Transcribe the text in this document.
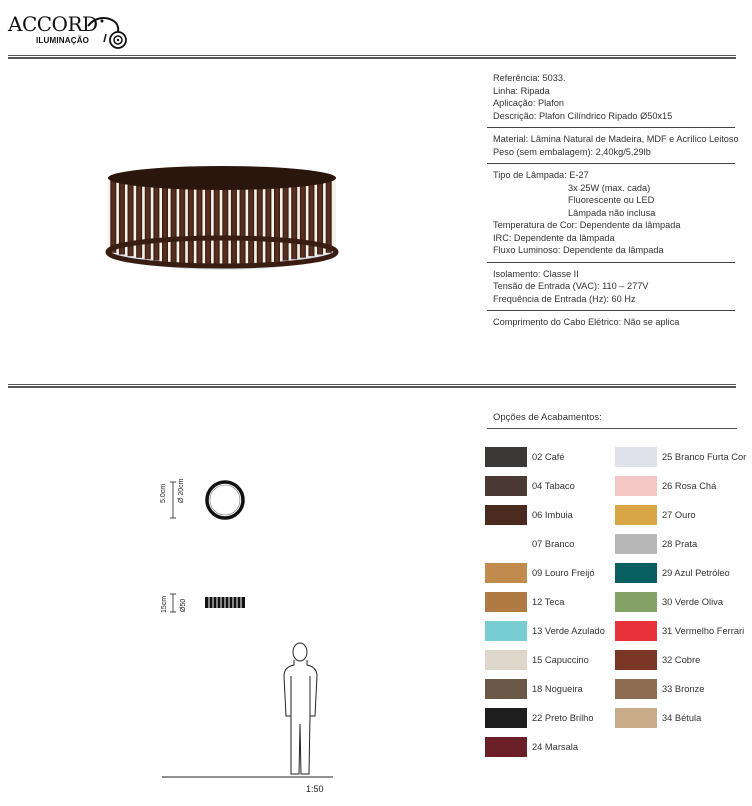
ACCORD
ILUMINAÇÃO
Referência: 5033.
Linha: Ripada
Aplicação: Plafon
Descrição: Plafon Cilíndrico Ripado Ø50x15
Material: Lâmina Natural de Madeira, MDF e Acrílico Leitoso
Peso (sem embalagem): 2,40kg/5,29lb
Tipo de Lâmpada: E-27
3x 25W (max. cada)
Fluorescente ou LED
Lâmpada não inclusa
Temperatura de Cor: Dependente da lâmpada
IRC: Dependente da lâmpada
Fluxo Luminoso: Dependente da lâmpada
Isolamento: Classe II
Tensão de Entrada (VAC): 110 – 277V
Frequência de Entrada (Hz): 60 Hz
Comprimento do Cabo Elétrico: Não se aplica
5.0cm Ø 20cm
15cm Ø50
1:50
Opções de Acabamentos:
02 Café
04 Tabaco
06 Imbuia
07 Branco
09 Louro Freijó
12 Teca
13 Verde Azulado
15 Capuccino
18 Nogueira
22 Preto Brilho
24 Marsala
25 Branco Furta Cor
26 Rosa Chá
27 Ouro
28 Prata
29 Azul Petróleo
30 Verde Oliva
31 Vermelho Ferrari
32 Cobre
33 Bronze
34 Bétula
